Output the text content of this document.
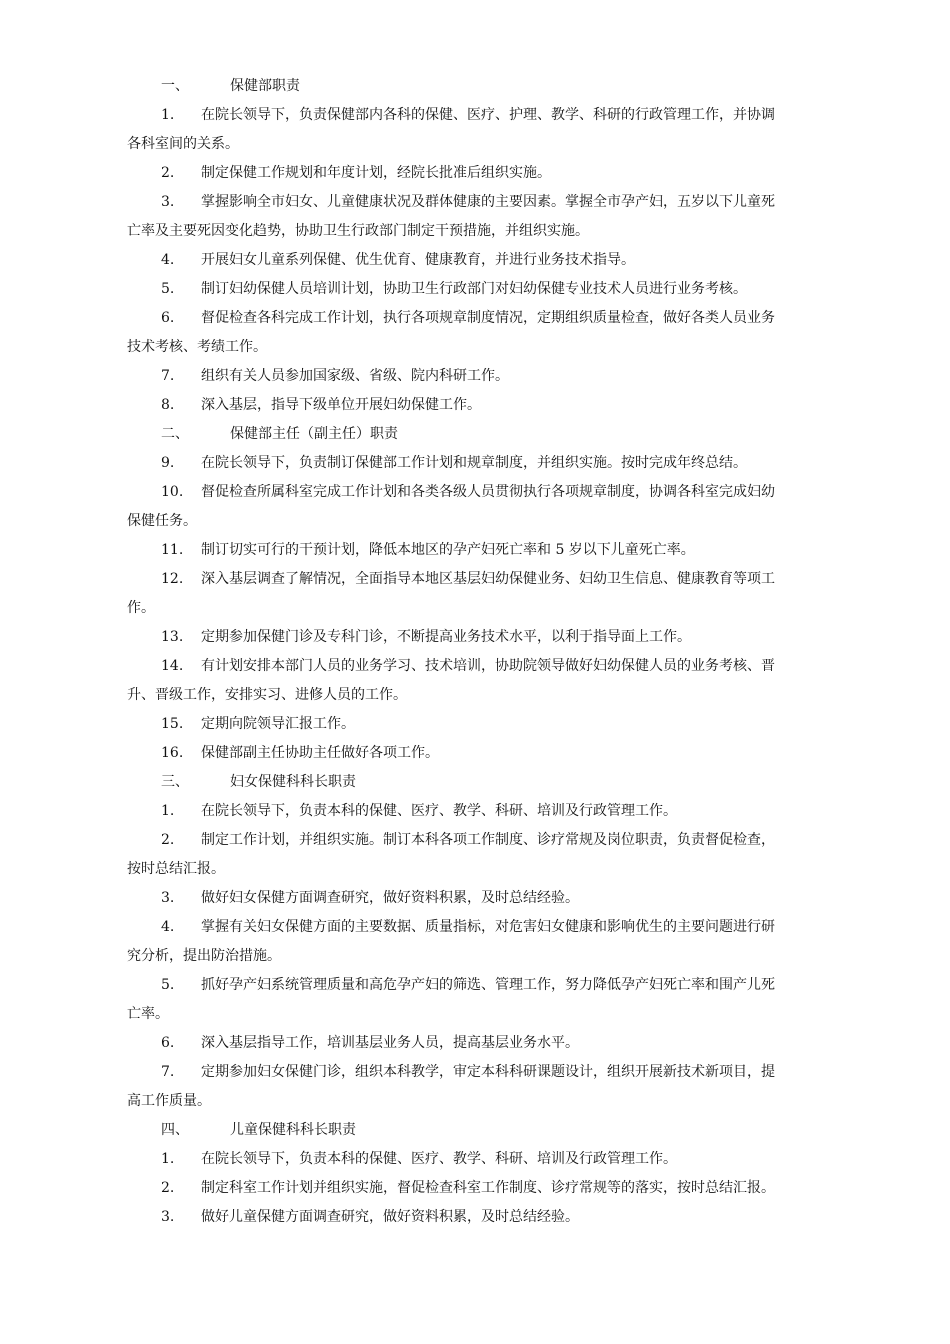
一、	保健部职责
1.	在院长领导下，负责保健部内各科的保健、医疗、护理、教学、科研的行政管理工作，并协调
各科室间的关系。
2.	制定保健工作规划和年度计划，经院长批准后组织实施。
3.	掌握影响全市妇女、儿童健康状况及群体健康的主要因素。掌握全市孕产妇，五岁以下儿童死
亡率及主要死因变化趋势，协助卫生行政部门制定干预措施，并组织实施。
4.	开展妇女儿童系列保健、优生优育、健康教育，并进行业务技术指导。
5.	制订妇幼保健人员培训计划，协助卫生行政部门对妇幼保健专业技术人员进行业务考核。
6.	督促检查各科完成工作计划，执行各项规章制度情况，定期组织质量检查，做好各类人员业务
技术考核、考绩工作。
7.	组织有关人员参加国家级、省级、院内科研工作。
8.	深入基层，指导下级单位开展妇幼保健工作。
二、	保健部主任（副主任）职责
9.	在院长领导下，负责制订保健部工作计划和规章制度，并组织实施。按时完成年终总结。
10.	督促检查所属科室完成工作计划和各类各级人员贯彻执行各项规章制度，协调各科室完成妇幼
保健任务。
11.	制订切实可行的干预计划，降低本地区的孕产妇死亡率和 5 岁以下儿童死亡率。
12.	深入基层调查了解情况，全面指导本地区基层妇幼保健业务、妇幼卫生信息、健康教育等项工
作。
13.	定期参加保健门诊及专科门诊，不断提高业务技术水平，以利于指导面上工作。
14.	有计划安排本部门人员的业务学习、技术培训，协助院领导做好妇幼保健人员的业务考核、晋
升、晋级工作，安排实习、进修人员的工作。
15.	定期向院领导汇报工作。
16.	保健部副主任协助主任做好各项工作。
三、	妇女保健科科长职责
1.	在院长领导下，负责本科的保健、医疗、教学、科研、培训及行政管理工作。
2.	制定工作计划，并组织实施。制订本科各项工作制度、诊疗常规及岗位职责，负责督促检查，
按时总结汇报。
3.	做好妇女保健方面调查研究，做好资料积累，及时总结经验。
4.	掌握有关妇女保健方面的主要数据、质量指标，对危害妇女健康和影响优生的主要问题进行研
究分析，提出防治措施。
5.	抓好孕产妇系统管理质量和高危孕产妇的筛选、管理工作，努力降低孕产妇死亡率和围产儿死
亡率。
6.	深入基层指导工作，培训基层业务人员，提高基层业务水平。
7.	定期参加妇女保健门诊，组织本科教学，审定本科科研课题设计，组织开展新技术新项目，提
高工作质量。
四、	儿童保健科科长职责
1.	在院长领导下，负责本科的保健、医疗、教学、科研、培训及行政管理工作。
2.	制定科室工作计划并组织实施，督促检查科室工作制度、诊疗常规等的落实，按时总结汇报。
3.	做好儿童保健方面调查研究，做好资料积累，及时总结经验。
